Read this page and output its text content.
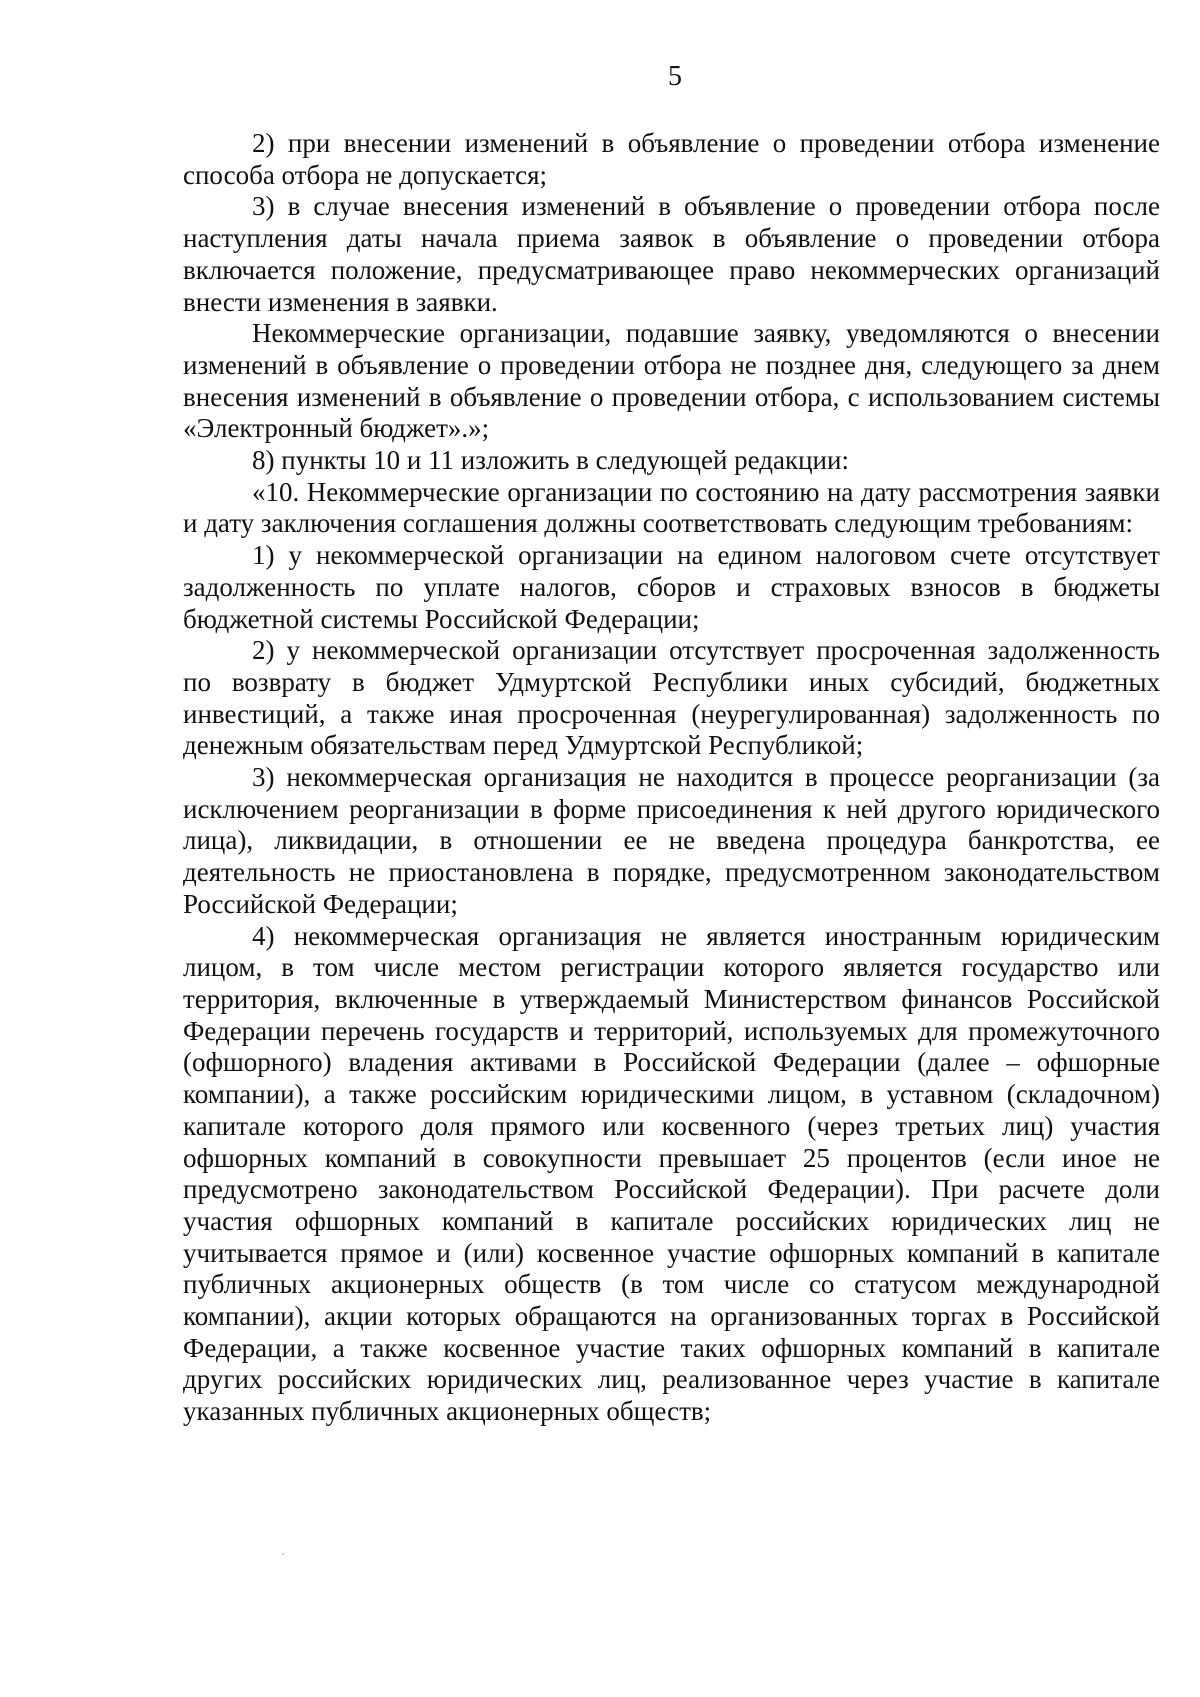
5

2) при внесении изменений в объявление о проведении отбора изменение способа отбора не допускается;

3) в случае внесения изменений в объявление о проведении отбора после наступления даты начала приема заявок в объявление о проведении отбора включается положение, предусматривающее право некоммерческих организаций внести изменения в заявки.

Некоммерческие организации, подавшие заявку, уведомляются о внесении изменений в объявление о проведении отбора не позднее дня, следующего за днем внесения изменений в объявление о проведении отбора, с использованием системы «Электронный бюджет».»;

8) пункты 10 и 11 изложить в следующей редакции:

«10. Некоммерческие организации по состоянию на дату рассмотрения заявки и дату заключения соглашения должны соответствовать следующим требованиям:

1) у некоммерческой организации на едином налоговом счете отсутствует задолженность по уплате налогов, сборов и страховых взносов в бюджеты бюджетной системы Российской Федерации;

2) у некоммерческой организации отсутствует просроченная задолженность по возврату в бюджет Удмуртской Республики иных субсидий, бюджетных инвестиций, а также иная просроченная (неурегулированная) задолженность по денежным обязательствам перед Удмуртской Республикой;

3) некоммерческая организация не находится в процессе реорганизации (за исключением реорганизации в форме присоединения к ней другого юридического лица), ликвидации, в отношении ее не введена процедура банкротства, ее деятельность не приостановлена в порядке, предусмотренном законодательством Российской Федерации;

4) некоммерческая организация не является иностранным юридическим лицом, в том числе местом регистрации которого является государство или территория, включенные в утверждаемый Министерством финансов Российской Федерации перечень государств и территорий, используемых для промежуточного (офшорного) владения активами в Российской Федерации (далее – офшорные компании), а также российским юридическими лицом, в уставном (складочном) капитале которого доля прямого или косвенного (через третьих лиц) участия офшорных компаний в совокупности превышает 25 процентов (если иное не предусмотрено законодательством Российской Федерации). При расчете доли участия офшорных компаний в капитале российских юридических лиц не учитывается прямое и (или) косвенное участие офшорных компаний в капитале публичных акционерных обществ (в том числе со статусом международной компании), акции которых обращаются на организованных торгах в Российской Федерации, а также косвенное участие таких офшорных компаний в капитале других российских юридических лиц, реализованное через участие в капитале указанных публичных акционерных обществ;
